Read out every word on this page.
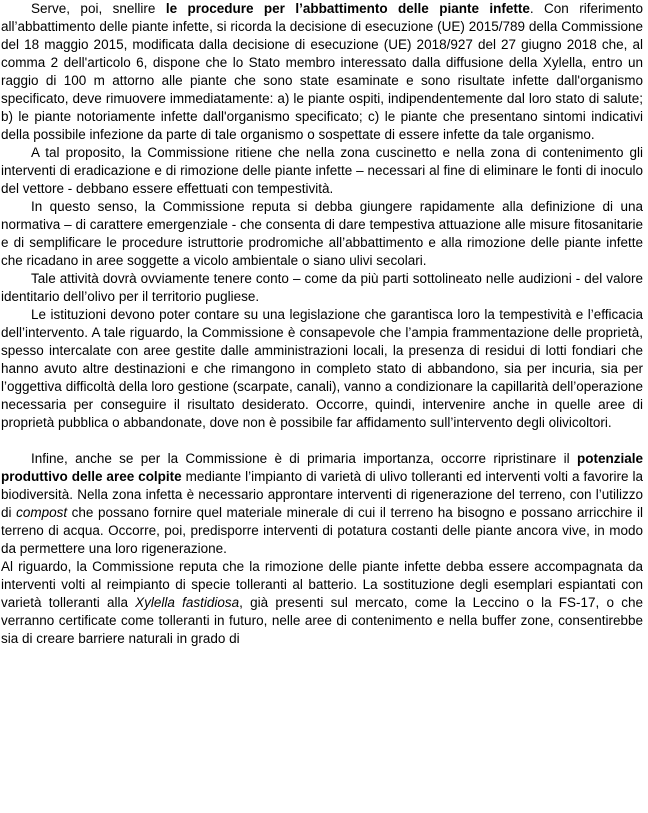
Serve, poi, snellire le procedure per l’abbattimento delle piante infette. Con riferimento all’abbattimento delle piante infette, si ricorda la decisione di esecuzione (UE) 2015/789 della Commissione del 18 maggio 2015, modificata dalla decisione di esecuzione (UE) 2018/927 del 27 giugno 2018 che, al comma 2 dell'articolo 6, dispone che lo Stato membro interessato dalla diffusione della Xylella, entro un raggio di 100 m attorno alle piante che sono state esaminate e sono risultate infette dall'organismo specificato, deve rimuovere immediatamente: a) le piante ospiti, indipendentemente dal loro stato di salute; b) le piante notoriamente infette dall'organismo specificato; c) le piante che presentano sintomi indicativi della possibile infezione da parte di tale organismo o sospettate di essere infette da tale organismo.

A tal proposito, la Commissione ritiene che nella zona cuscinetto e nella zona di contenimento gli interventi di eradicazione e di rimozione delle piante infette – necessari al fine di eliminare le fonti di inoculo del vettore - debbano essere effettuati con tempestività.

In questo senso, la Commissione reputa si debba giungere rapidamente alla definizione di una normativa – di carattere emergenziale - che consenta di dare tempestiva attuazione alle misure fitosanitarie e di semplificare le procedure istruttorie prodromiche all’abbattimento e alla rimozione delle piante infette che ricadano in aree soggette a vicolo ambientale o siano ulivi secolari.

Tale attività dovrà ovviamente tenere conto – come da più parti sottolineato nelle audizioni - del valore identitario dell’olivo per il territorio pugliese.

Le istituzioni devono poter contare su una legislazione che garantisca loro la tempestività e l’efficacia dell’intervento. A tale riguardo, la Commissione è consapevole che l’ampia frammentazione delle proprietà, spesso intercalate con aree gestite dalle amministrazioni locali, la presenza di residui di lotti fondiari che hanno avuto altre destinazioni e che rimangono in completo stato di abbandono, sia per incuria, sia per l’oggettiva difficoltà della loro gestione (scarpate, canali), vanno a condizionare la capillarità dell’operazione necessaria per conseguire il risultato desiderato. Occorre, quindi, intervenire anche in quelle aree di proprietà pubblica o abbandonate, dove non è possibile far affidamento sull’intervento degli olivicoltori.

Infine, anche se per la Commissione è di primaria importanza, occorre ripristinare il potenziale produttivo delle aree colpite mediante l’impianto di varietà di ulivo tolleranti ed interventi volti a favorire la biodiversità. Nella zona infetta è necessario approntare interventi di rigenerazione del terreno, con l’utilizzo di compost che possano fornire quel materiale minerale di cui il terreno ha bisogno e possano arricchire il terreno di acqua. Occorre, poi, predisporre interventi di potatura costanti delle piante ancora vive, in modo da permettere una loro rigenerazione.

Al riguardo, la Commissione reputa che la rimozione delle piante infette debba essere accompagnata da interventi volti al reimpianto di specie tolleranti al batterio. La sostituzione degli esemplari espiantati con varietà tolleranti alla Xylella fastidiosa, già presenti sul mercato, come la Leccino o la FS-17, o che verranno certificate come tolleranti in futuro, nelle aree di contenimento e nella buffer zone, consentirebbe sia di creare barriere naturali in grado di
